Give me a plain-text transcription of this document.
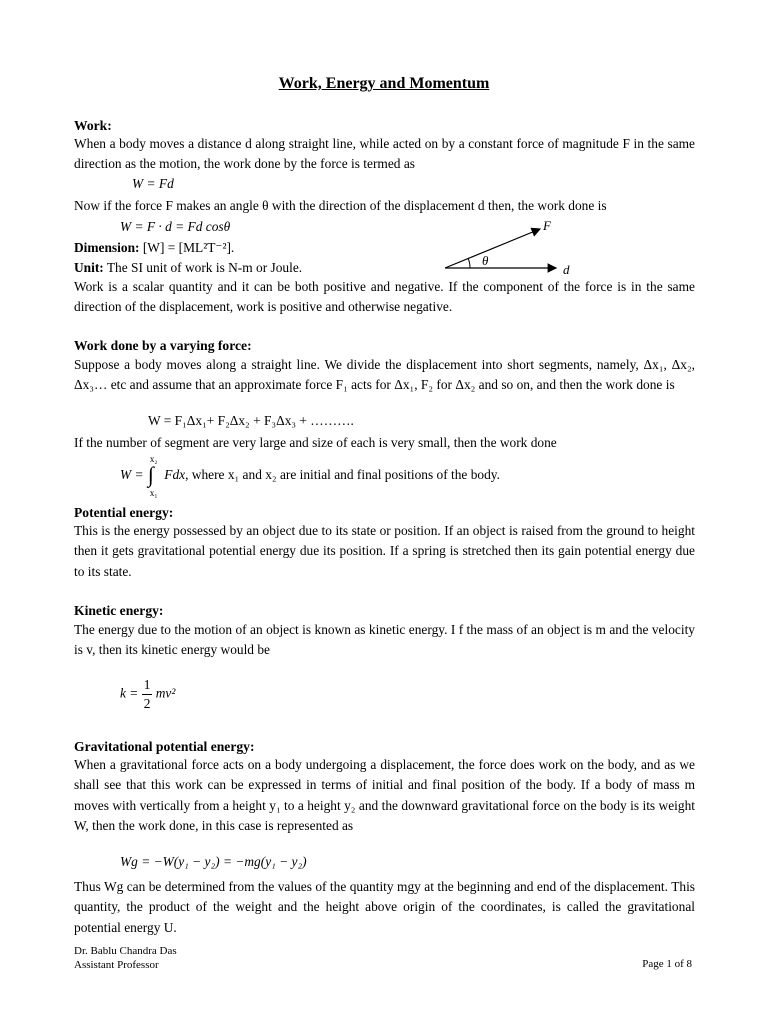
Work, Energy and Momentum
Work:
When a body moves a distance d along straight line, while acted on by a constant force of magnitude F in the same direction as the motion, the work done by the force is termed as
W = Fd
Now if the force F makes an angle θ with the direction of the displacement d then, the work done is
W = F · d = Fd cosθ
Dimension: [W] = [ML²T⁻²].
Unit: The SI unit of work is N-m or Joule.
F
θ
d
Work is a scalar quantity and it can be both positive and negative. If the component of the force is in the same direction of the displacement, work is positive and otherwise negative.
Work done by a varying force:
Suppose a body moves along a straight line. We divide the displacement into short segments, namely, Δx₁, Δx₂, Δx₃… etc and assume that an approximate force F₁ acts for Δx₁, F₂ for Δx₂ and so on, and then the work done is
W = F₁Δx₁+ F₂Δx₂ + F₃Δx₃ + ……….
If the number of segment are very large and size of each is very small, then the work done
W =
x₂
∫
x₁
Fdx, where x₁ and x₂ are initial and final positions of the body.
Potential energy:
This is the energy possessed by an object due to its state or position. If an object is raised from the ground to height then it gets gravitational potential energy due its position. If a spring is stretched then its gain potential energy due to its state.
Kinetic energy:
The energy due to the motion of an object is known as kinetic energy. I f the mass of an object is m and the velocity is v, then its kinetic energy would be
$k = \frac{1}{2} mv^2$
Gravitational potential energy:
When a gravitational force acts on a body undergoing a displacement, the force does work on the body, and as we shall see that this work can be expressed in terms of initial and final position of the body. If a body of mass m moves with vertically from a height y₁ to a height y₂ and the downward gravitational force on the body is its weight W, then the work done, in this case is represented as
Wg = −W(y₁ − y₂) = −mg(y₁ − y₂)
Thus Wg can be determined from the values of the quantity mgy at the beginning and end of the displacement. This quantity, the product of the weight and the height above origin of the coordinates, is called the gravitational potential energy U.
Dr. Bablu Chandra Das
Assistant Professor	Page 1 of 8
